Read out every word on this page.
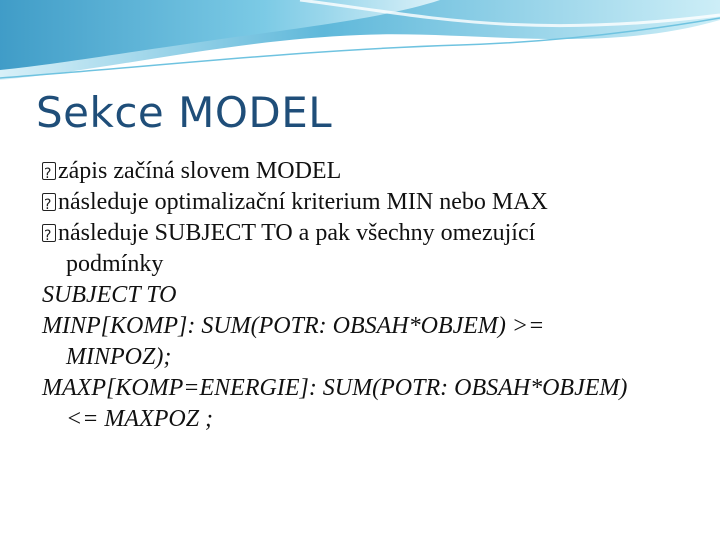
Sekce MODEL

?
zápis začíná slovem MODEL

?
následuje optimalizační kriterium MIN nebo MAX

?
následuje SUBJECT TO a pak všechny omezující

podmínky

SUBJECT TO

MINP[KOMP]: SUM(POTR: OBSAH*OBJEM) >=

MINPOZ);

MAXP[KOMP=ENERGIE]: SUM(POTR: OBSAH*OBJEM)

<= MAXPOZ ;
